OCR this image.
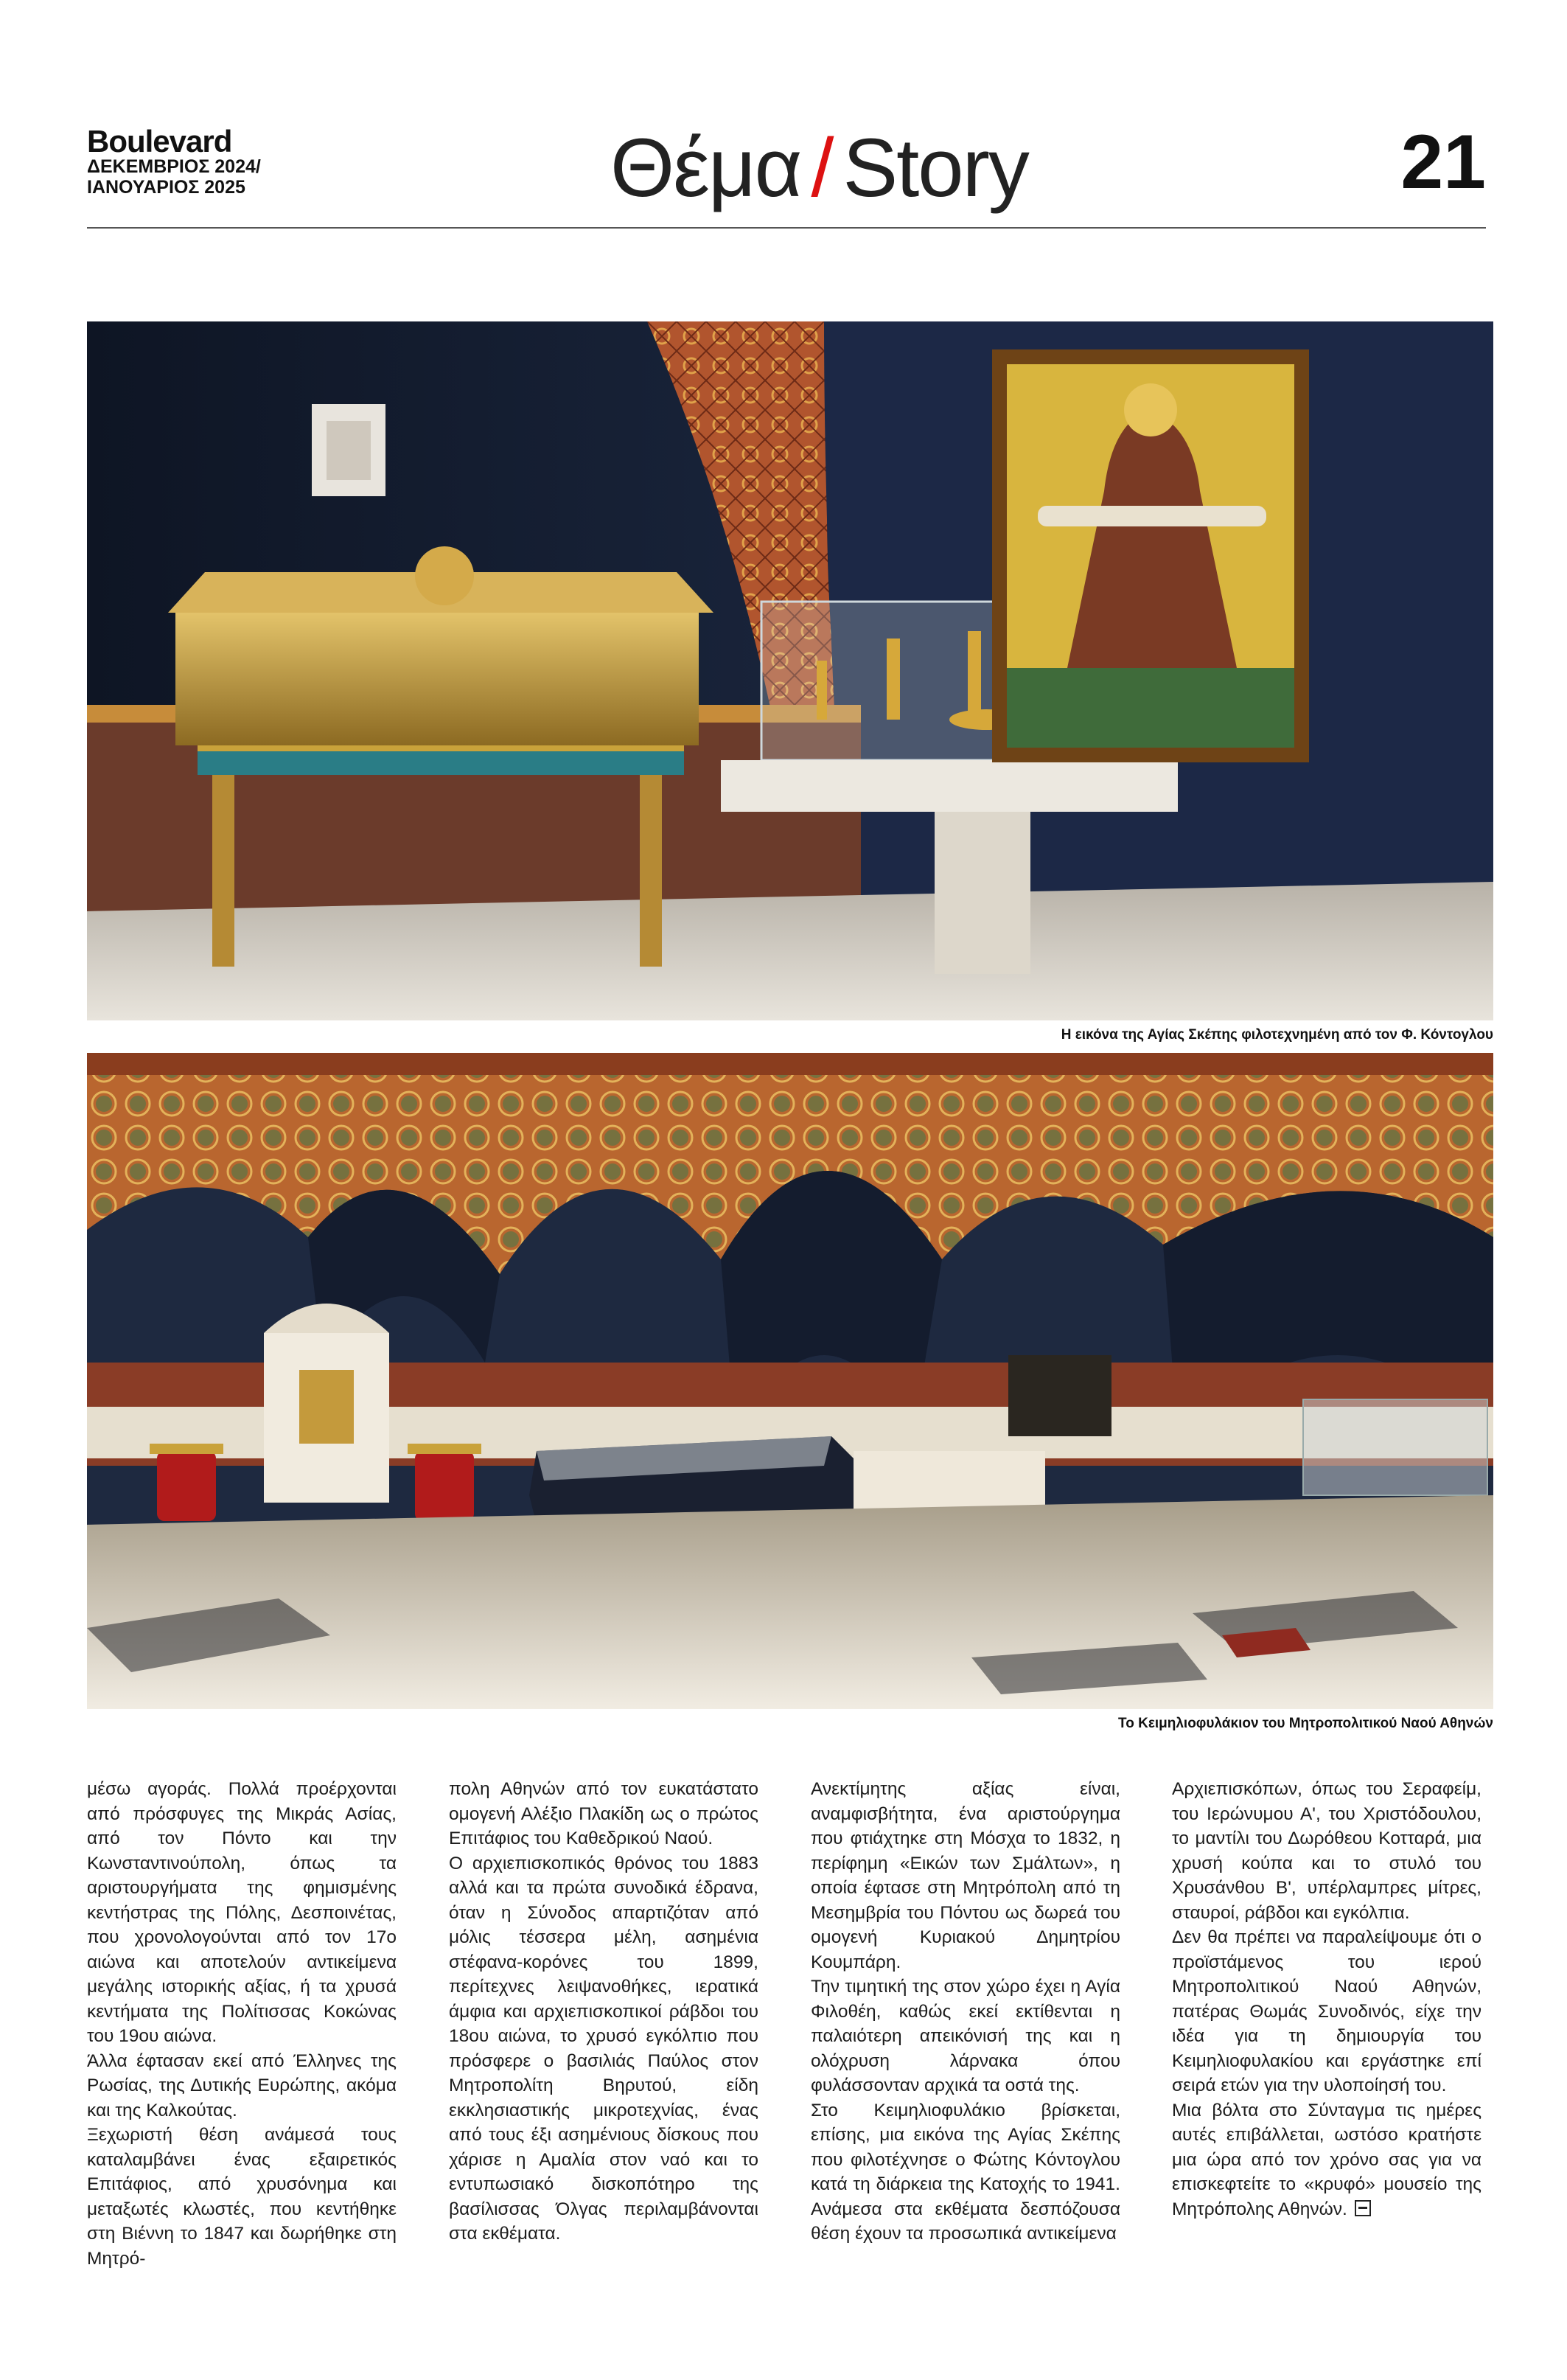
Boulevard
ΔΕΚΕΜΒΡΙΟΣ 2024/
ΙΑΝΟΥΑΡΙΟΣ 2025	Θέμα / Story	21
Η εικόνα της Αγίας Σκέπης φιλοτεχνημένη από τον Φ. Κόντογλου
Το Κειμηλιοφυλάκιον του Μητροπολιτικού Ναού Αθηνών

μέσω αγοράς. Πολλά προέρχονται από πρόσφυγες της Μικράς Ασίας, από τον Πόντο και την Κωνσταντινούπολη, όπως τα αριστουργήματα της φημισμένης κεντήστρας της Πόλης, Δεσποινέτας, που χρονολογούνται από τον 17ο αιώνα και αποτελούν αντικείμενα μεγάλης ιστορικής αξίας, ή τα χρυσά κεντήματα της Πολίτισσας Κοκώνας του 19ου αιώνα.

Άλλα έφτασαν εκεί από Έλληνες της Ρωσίας, της Δυτικής Ευρώπης, ακόμα και της Καλκούτας.

Ξεχωριστή θέση ανάμεσά τους καταλαμβάνει ένας εξαιρετικός Επιτάφιος, από χρυσόνημα και μεταξωτές κλωστές, που κεντήθηκε στη Βιέννη το 1847 και δωρήθηκε στη Μητρό-

πολη Αθηνών από τον ευκατάστατο ομογενή Αλέξιο Πλακίδη ως ο πρώτος Επιτάφιος του Καθεδρικού Ναού.

Ο αρχιεπισκοπικός θρόνος του 1883 αλλά και τα πρώτα συνοδικά έδρανα, όταν η Σύνοδος απαρτιζόταν από μόλις τέσσερα μέλη, ασημένια στέφανα-κορόνες του 1899, περίτεχνες λειψανοθήκες, ιερατικά άμφια και αρχιεπισκοπικοί ράβδοι του 18ου αιώνα, το χρυσό εγκόλπιο που πρόσφερε ο βασιλιάς Παύλος στον Μητροπολίτη Βηρυτού, είδη εκκλησιαστικής μικροτεχνίας, ένας από τους έξι ασημένιους δίσκους που χάρισε η Αμαλία στον ναό και το εντυπωσιακό δισκοπότηρο της βασίλισσας Όλγας περιλαμβάνονται στα εκθέματα.

Ανεκτίμητης αξίας είναι, αναμφισβήτητα, ένα αριστούργημα που φτιάχτηκε στη Μόσχα το 1832, η περίφημη «Εικών των Σμάλτων», η οποία έφτασε στη Μητρόπολη από τη Μεσημβρία του Πόντου ως δωρεά του ομογενή Κυριακού Δημητρίου Κουμπάρη.

Την τιμητική της στον χώρο έχει η Αγία Φιλοθέη, καθώς εκεί εκτίθενται η παλαιότερη απεικόνισή της και η ολόχρυση λάρνακα όπου φυλάσσονταν αρχικά τα οστά της.

Στο Κειμηλιοφυλάκιο βρίσκεται, επίσης, μια εικόνα της Αγίας Σκέπης που φιλοτέχνησε ο Φώτης Κόντογλου κατά τη διάρκεια της Κατοχής το 1941. Ανάμεσα στα εκθέματα δεσπόζουσα θέση έχουν τα προσωπικά αντικείμενα

Αρχιεπισκόπων, όπως του Σεραφείμ, του Ιερώνυμου Α', του Χριστόδουλου, το μαντίλι του Δωρόθεου Κοτταρά, μια χρυσή κούπα και το στυλό του Χρυσάνθου Β', υπέρλαμπρες μίτρες, σταυροί, ράβδοι και εγκόλπια.

Δεν θα πρέπει να παραλείψουμε ότι ο προϊστάμενος του ιερού Μητροπολιτικού Ναού Αθηνών, πατέρας Θωμάς Συνοδινός, είχε την ιδέα για τη δημιουργία του Κειμηλιοφυλακίου και εργάστηκε επί σειρά ετών για την υλοποίησή του.

Μια βόλτα στο Σύνταγμα τις ημέρες αυτές επιβάλλεται, ωστόσο κρατήστε μια ώρα από τον χρόνο σας για να επισκεφτείτε το «κρυφό» μουσείο της Μητρόπολης Αθηνών.
